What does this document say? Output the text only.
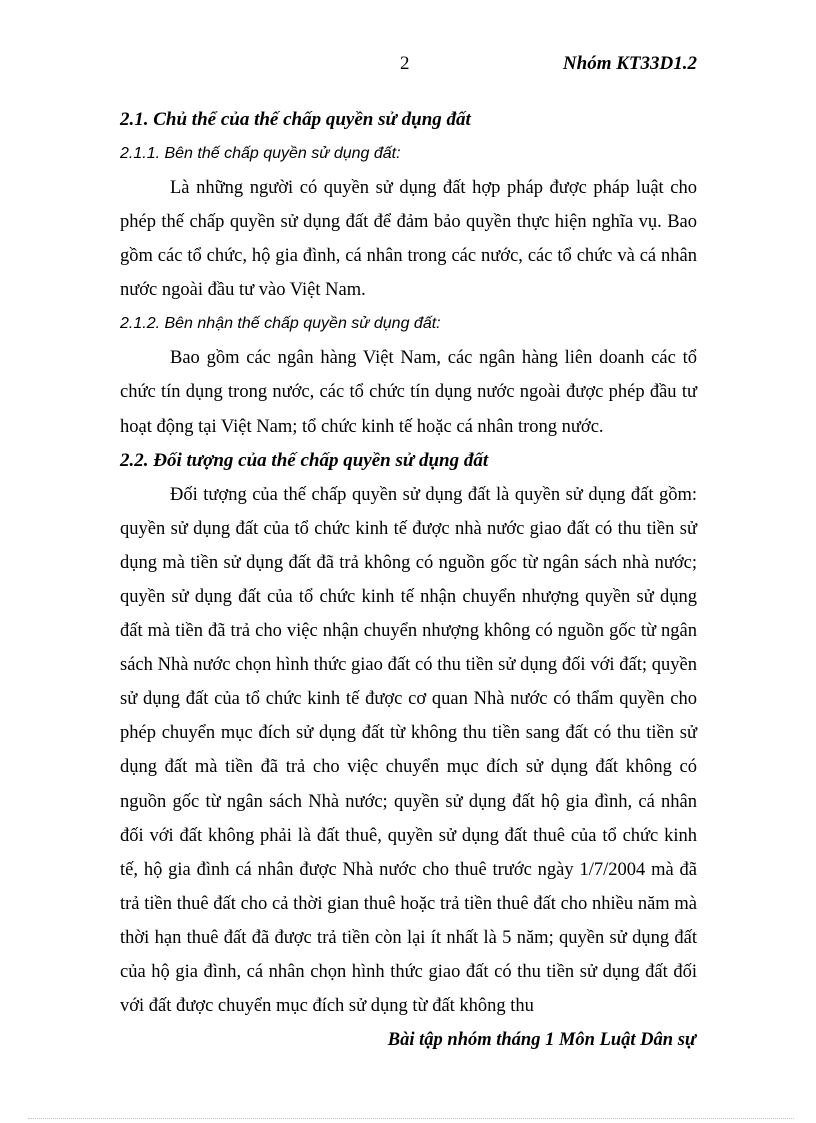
2	Nhóm KT33D1.2
2.1. Chủ thể của thế chấp quyền sử dụng đất
2.1.1. Bên thế chấp quyền sử dụng đất:

Là những người có quyền sử dụng đất hợp pháp được pháp luật cho phép thế chấp quyền sử dụng đất để đảm bảo quyền thực hiện nghĩa vụ. Bao gồm các tổ chức, hộ gia đình, cá nhân trong các nước, các tổ chức và cá nhân nước ngoài đầu tư vào Việt Nam.

2.1.2. Bên nhận thế chấp quyền sử dụng đất:

Bao gồm các ngân hàng Việt Nam, các ngân hàng liên doanh các tổ chức tín dụng trong nước, các tổ chức tín dụng nước ngoài được phép đầu tư hoạt động tại Việt Nam; tổ chức kinh tế hoặc cá nhân trong nước.

2.2. Đối tượng của thế chấp quyền sử dụng đất

Đối tượng của thế chấp quyền sử dụng đất là quyền sử dụng đất gồm: quyền sử dụng đất của tổ chức kinh tế được nhà nước giao đất có thu tiền sử dụng mà tiền sử dụng đất đã trả không có nguồn gốc từ ngân sách nhà nước; quyền sử dụng đất của tổ chức kinh tế nhận chuyển nhượng quyền sử dụng đất mà tiền đã trả cho việc nhận chuyển nhượng không có nguồn gốc từ ngân sách Nhà nước chọn hình thức giao đất có thu tiền sử dụng đối với đất; quyền sử dụng đất của tổ chức kinh tế được cơ quan Nhà nước có thẩm quyền cho phép chuyển mục đích sử dụng đất từ không thu tiền sang đất có thu tiền sử dụng đất mà tiền đã trả cho việc chuyển mục đích sử dụng đất không có nguồn gốc từ ngân sách Nhà nước; quyền sử dụng đất hộ gia đình, cá nhân đối với đất không phải là đất thuê, quyền sử dụng đất thuê của tổ chức kinh tế, hộ gia đình cá nhân được Nhà nước cho thuê trước ngày 1/7/2004 mà đã trả tiền thuê đất cho cả thời gian thuê hoặc trả tiền thuê đất cho nhiều năm mà thời hạn thuê đất đã được trả tiền còn lại ít nhất là 5 năm; quyền sử dụng đất của hộ gia đình, cá nhân chọn hình thức giao đất có thu tiền sử dụng đất đối với đất được chuyển mục đích sử dụng từ đất không thu

Bài tập nhóm tháng 1 Môn Luật Dân sự
